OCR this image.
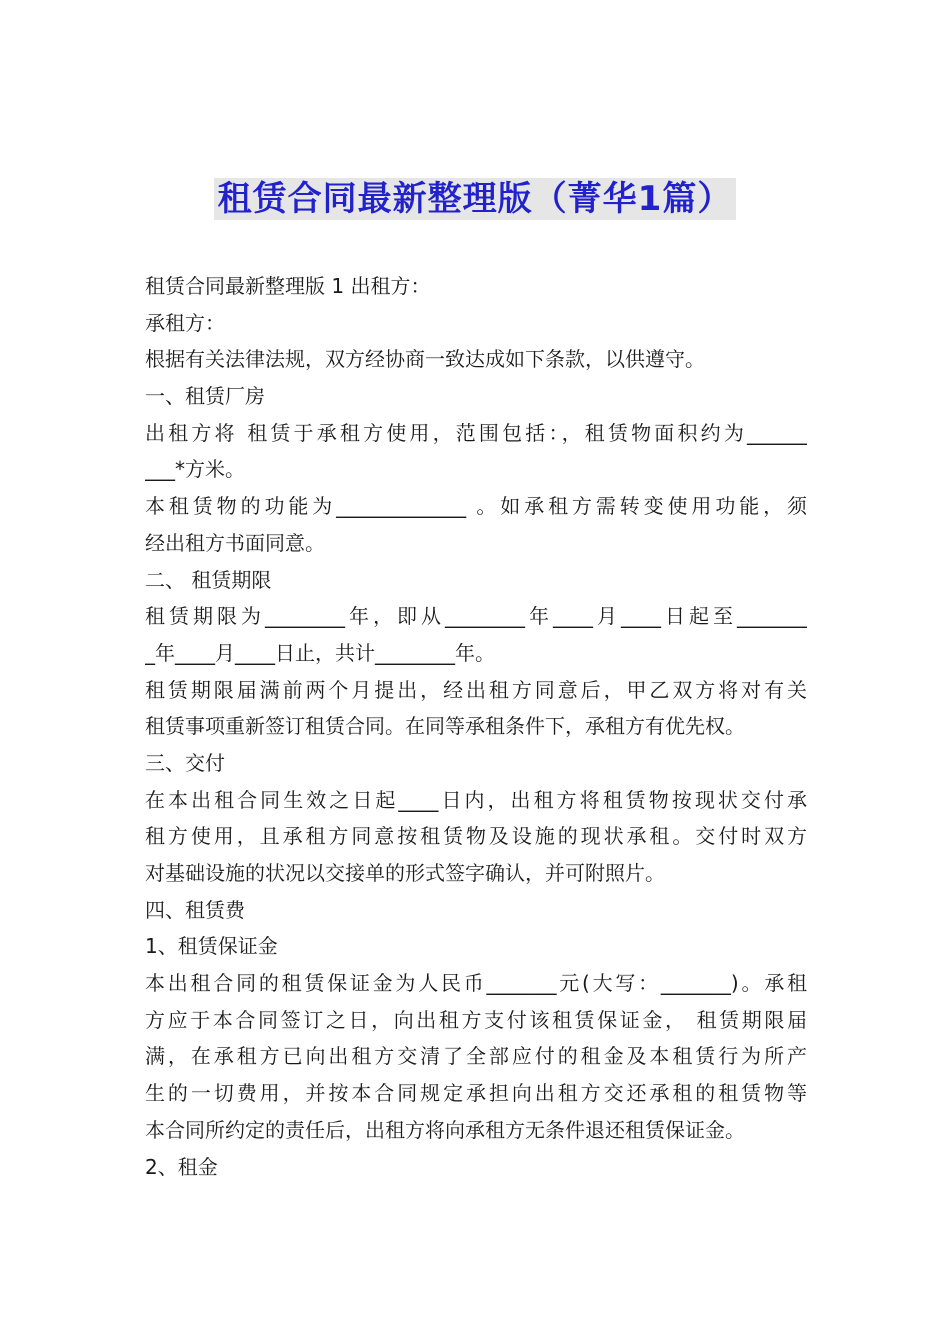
租赁合同最新整理版（菁华1篇）
租赁合同最新整理版 1 出租方：
承租方：
根据有关法律法规，双方经协商一致达成如下条款，以供遵守。
一、租赁厂房
出租方将 租赁于承租方使用，范围包括：，租赁物面积约为______
___*方米。
本租赁物的功能为_____________ 。如承租方需转变使用功能，须
经出租方书面同意。
二、 租赁期限
租赁期限为________年，即从________年____月____日起至_______
_年____月____日止，共计________年。
租赁期限届满前两个月提出，经出租方同意后，甲乙双方将对有关
租赁事项重新签订租赁合同。在同等承租条件下，承租方有优先权。
三、交付
在本出租合同生效之日起____日内，出租方将租赁物按现状交付承
租方使用，且承租方同意按租赁物及设施的现状承租。交付时双方
对基础设施的状况以交接单的形式签字确认，并可附照片。
四、租赁费
1、租赁保证金
本出租合同的租赁保证金为人民币_______元(大写：_______)。承租
方应于本合同签订之日，向出租方支付该租赁保证金， 租赁期限届
满，在承租方已向出租方交清了全部应付的租金及本租赁行为所产
生的一切费用，并按本合同规定承担向出租方交还承租的租赁物等
本合同所约定的责任后，出租方将向承租方无条件退还租赁保证金。
2、租金
